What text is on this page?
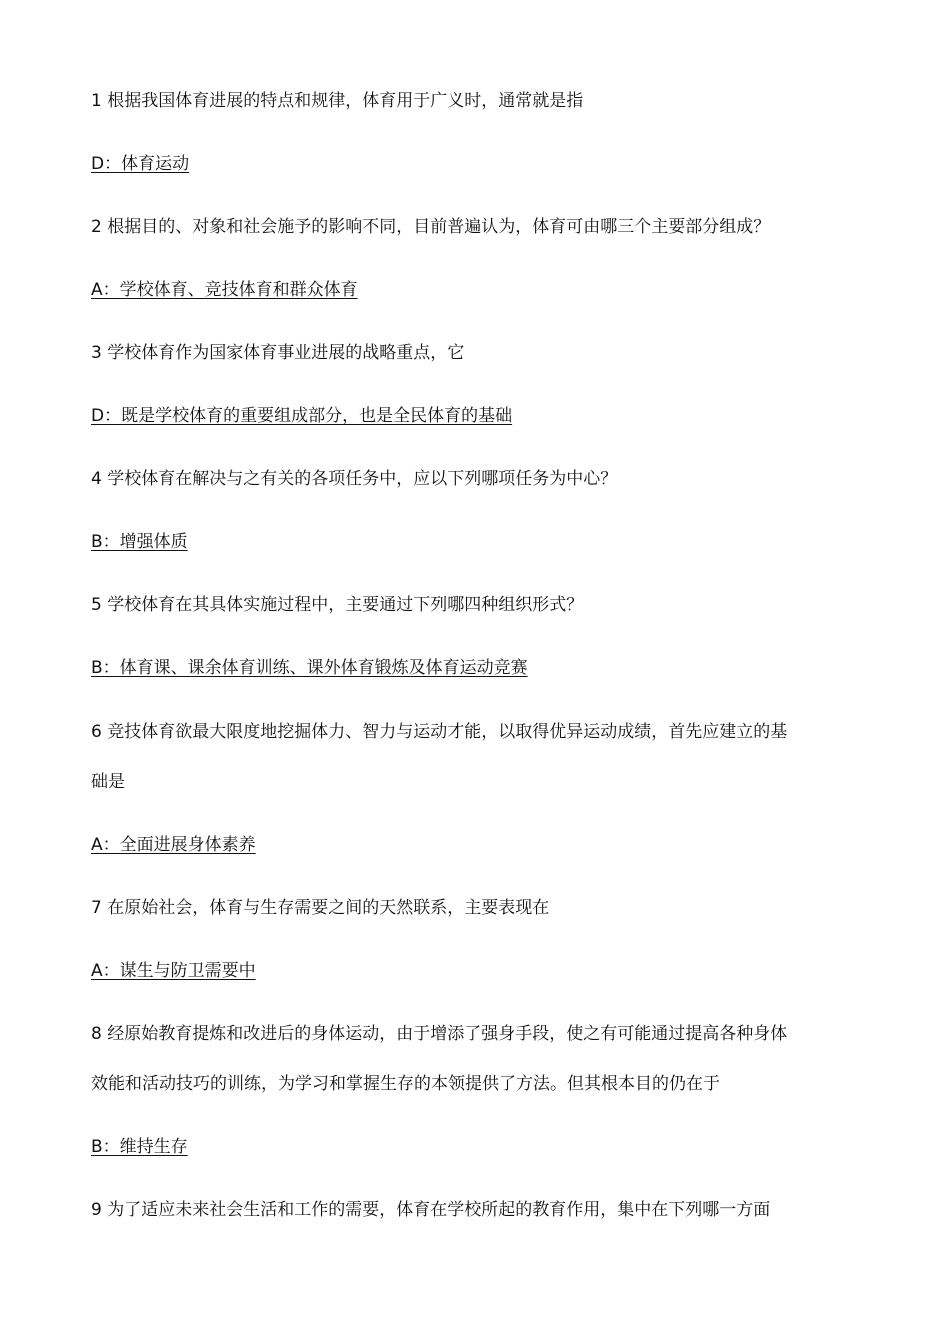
1 根据我国体育进展的特点和规律，体育用于广义时，通常就是指
D：体育运动
2 根据目的、对象和社会施予的影响不同，目前普遍认为，体育可由哪三个主要部分组成？
A：学校体育、竞技体育和群众体育
3 学校体育作为国家体育事业进展的战略重点，它
D：既是学校体育的重要组成部分，也是全民体育的基础
4 学校体育在解决与之有关的各项任务中，应以下列哪项任务为中心？
B：增强体质
5 学校体育在其具体实施过程中，主要通过下列哪四种组织形式？
B：体育课、课余体育训练、课外体育锻炼及体育运动竞赛
6 竞技体育欲最大限度地挖掘体力、智力与运动才能，以取得优异运动成绩，首先应建立的基
础是
A：全面进展身体素养
7 在原始社会，体育与生存需要之间的天然联系，主要表现在
A：谋生与防卫需要中
8 经原始教育提炼和改进后的身体运动，由于增添了强身手段，使之有可能通过提高各种身体
效能和活动技巧的训练，为学习和掌握生存的本领提供了方法。但其根本目的仍在于
B：维持生存
9 为了适应未来社会生活和工作的需要，体育在学校所起的教育作用，集中在下列哪一方面
